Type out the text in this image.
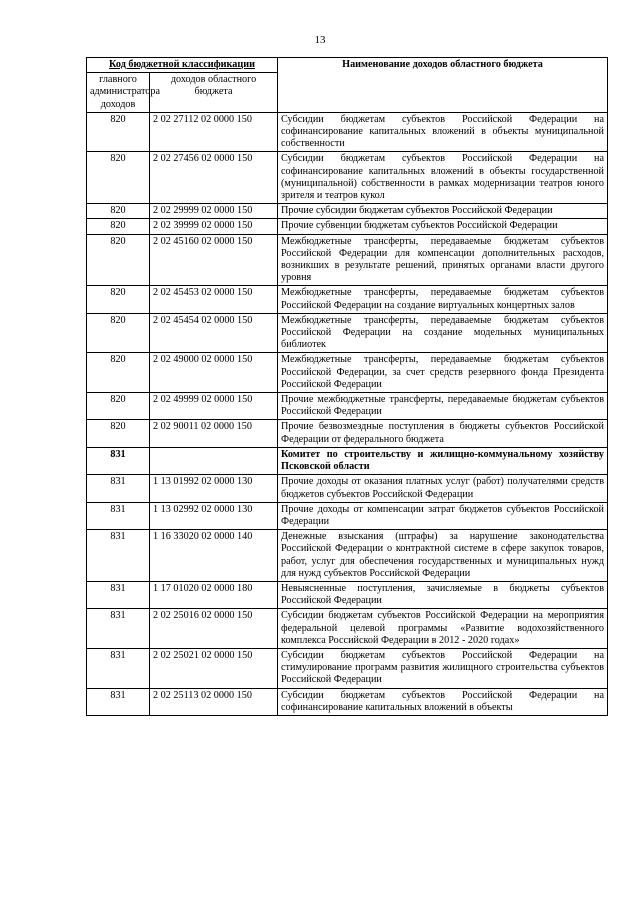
13
Код бюджетной классификации		Наименование доходов областного бюджета
главного администратора доходов	доходов областного бюджета	
820	2 02 27112 02 0000 150	Субсидии бюджетам субъектов Российской Федерации на софинансирование капитальных вложений в объекты муниципальной собственности
820	2 02 27456 02 0000 150	Субсидии бюджетам субъектов Российской Федерации на софинансирование капитальных вложений в объекты государственной (муниципальной) собственности в рамках модернизации театров юного зрителя и театров кукол
820	2 02 29999 02 0000 150	Прочие субсидии бюджетам субъектов Российской Федерации
820	2 02 39999 02 0000 150	Прочие субвенции бюджетам субъектов Российской Федерации
820	2 02 45160 02 0000 150	Межбюджетные трансферты, передаваемые бюджетам субъектов Российской Федерации для компенсации дополнительных расходов, возникших в результате решений, принятых органами власти другого уровня
820	2 02 45453 02 0000 150	Межбюджетные трансферты, передаваемые бюджетам субъектов Российской Федерации на создание виртуальных концертных залов
820	2 02 45454 02 0000 150	Межбюджетные трансферты, передаваемые бюджетам субъектов Российской Федерации на создание модельных муниципальных библиотек
820	2 02 49000 02 0000 150	Межбюджетные трансферты, передаваемые бюджетам субъектов Российской Федерации, за счет средств резервного фонда Президента Российской Федерации
820	2 02 49999 02 0000 150	Прочие межбюджетные трансферты, передаваемые бюджетам субъектов Российской Федерации
820	2 02 90011 02 0000 150	Прочие безвозмездные поступления в бюджеты субъектов Российской Федерации от федерального бюджета
831		Комитет по строительству и жилищно-коммунальному хозяйству Псковской области
831	1 13 01992 02 0000 130	Прочие доходы от оказания платных услуг (работ) получателями средств бюджетов субъектов Российской Федерации
831	1 13 02992 02 0000 130	Прочие доходы от компенсации затрат бюджетов субъектов Российской Федерации
831	1 16 33020 02 0000 140	Денежные взыскания (штрафы) за нарушение законодательства Российской Федерации о контрактной системе в сфере закупок товаров, работ, услуг для обеспечения государственных и муниципальных нужд для нужд субъектов Российской Федерации
831	1 17 01020 02 0000 180	Невыясненные поступления, зачисляемые в бюджеты субъектов Российской Федерации
831	2 02 25016 02 0000 150	Субсидии бюджетам субъектов Российской Федерации на мероприятия федеральной целевой программы «Развитие водохозяйственного комплекса Российской Федерации в 2012 - 2020 годах»
831	2 02 25021 02 0000 150	Субсидии бюджетам субъектов Российской Федерации на стимулирование программ развития жилищного строительства субъектов Российской Федерации
831	2 02 25113 02 0000 150	Субсидии бюджетам субъектов Российской Федерации на софинансирование капитальных вложений в объекты
